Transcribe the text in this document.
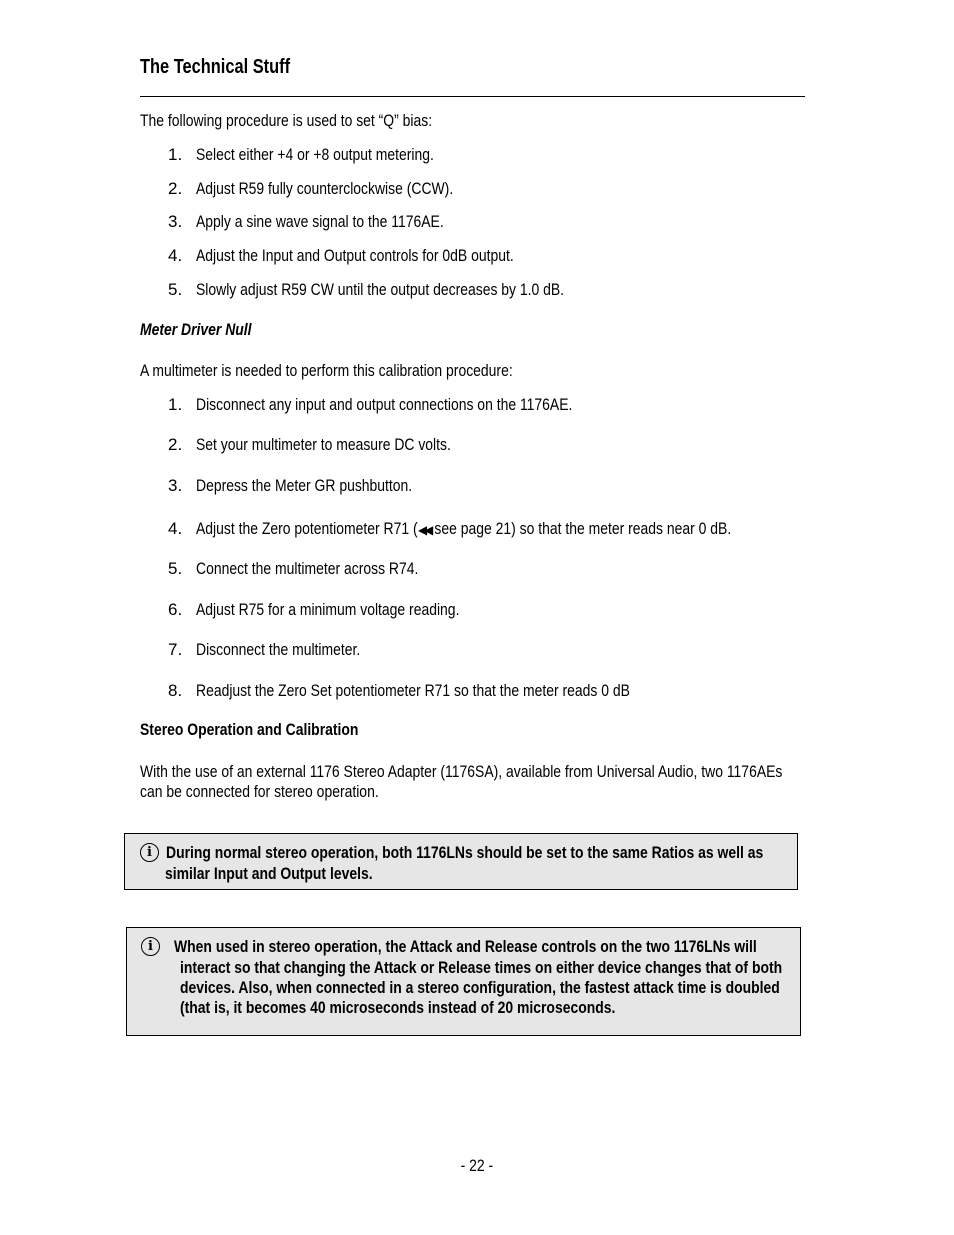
The Technical Stuff
The following procedure is used to set “Q” bias:
1. Select either +4 or +8 output metering.
2. Adjust R59 fully counterclockwise (CCW).
3. Apply a sine wave signal to the 1176AE.
4. Adjust the Input and Output controls for 0dB output.
5. Slowly adjust R59 CW until the output decreases by 1.0 dB.
Meter Driver Null
A multimeter is needed to perform this calibration procedure:
1. Disconnect any input and output connections on the 1176AE.
2. Set your multimeter to measure DC volts.
3. Depress the Meter GR pushbutton.
4. Adjust the Zero potentiometer R71 (◀◀ see page 21) so that the meter reads near 0 dB.
5. Connect the multimeter across R74.
6. Adjust R75 for a minimum voltage reading.
7. Disconnect the multimeter.
8. Readjust the Zero Set potentiometer R71 so that the meter reads 0 dB
Stereo Operation and Calibration
With the use of an external 1176 Stereo Adapter (1176SA), available from Universal Audio, two 1176AEs
can be connected for stereo operation.
i During normal stereo operation, both 1176LNs should be set to the same Ratios as well as
similar Input and Output levels.
i	When used in stereo operation, the Attack and Release controls on the two 1176LNs will
interact so that changing the Attack or Release times on either device changes that of both
devices. Also, when connected in a stereo configuration, the fastest attack time is doubled
(that is, it becomes 40 microseconds instead of 20 microseconds.
- 22 -
